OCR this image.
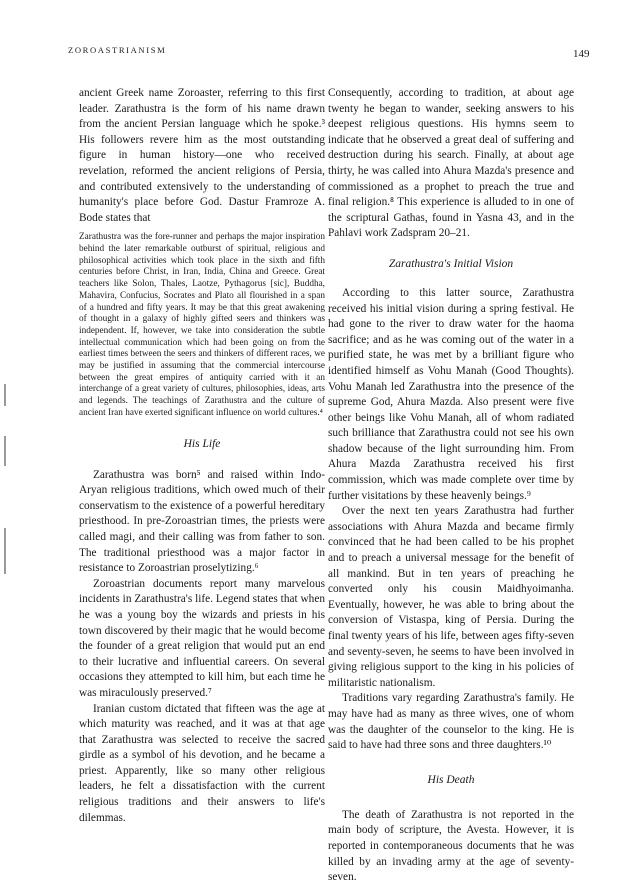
ZOROASTRIANISM	149

ancient Greek name Zoroaster, referring to this first leader. Zarathustra is the form of his name drawn from the ancient Persian language which he spoke.³ His followers revere him as the most outstanding figure in human history—one who received revelation, reformed the ancient religions of Persia, and contributed extensively to the understanding of humanity's place before God. Dastur Framroze A. Bode states that

Zarathustra was the fore-runner and perhaps the major inspiration behind the later remarkable outburst of spiritual, religious and philosophical activities which took place in the sixth and fifth centuries before Christ, in Iran, India, China and Greece. Great teachers like Solon, Thales, Laotze, Pythagorus [sic], Buddha, Mahavira, Confucius, Socrates and Plato all flourished in a span of a hundred and fifty years. It may be that this great awakening of thought in a galaxy of highly gifted seers and thinkers was independent. If, however, we take into consideration the subtle intellectual communication which had been going on from the earliest times between the seers and thinkers of different races, we may be justified in assuming that the commercial intercourse between the great empires of antiquity carried with it an interchange of a great variety of cultures, philosophies, ideas, arts and legends. The teachings of Zarathustra and the culture of ancient Iran have exerted significant influence on world cultures.⁴

His Life

Zarathustra was born⁵ and raised within Indo-Aryan religious traditions, which owed much of their conservatism to the existence of a powerful hereditary priesthood. In pre-Zoroastrian times, the priests were called magi, and their calling was from father to son. The traditional priesthood was a major factor in resistance to Zoroastrian proselytizing.⁶

Zoroastrian documents report many marvelous incidents in Zarathustra's life. Legend states that when he was a young boy the wizards and priests in his town discovered by their magic that he would become the founder of a great religion that would put an end to their lucrative and influential careers. On several occasions they attempted to kill him, but each time he was miraculously preserved.⁷

Iranian custom dictated that fifteen was the age at which maturity was reached, and it was at that age that Zarathustra was selected to receive the sacred girdle as a symbol of his devotion, and he became a priest. Apparently, like so many other religious leaders, he felt a dissatisfaction with the current religious traditions and their answers to life's dilemmas.

Consequently, according to tradition, at about age twenty he began to wander, seeking answers to his deepest religious questions. His hymns seem to indicate that he observed a great deal of suffering and destruction during his search. Finally, at about age thirty, he was called into Ahura Mazda's presence and commissioned as a prophet to preach the true and final religion.⁸ This experience is alluded to in one of the scriptural Gathas, found in Yasna 43, and in the Pahlavi work Zadspram 20–21.

Zarathustra's Initial Vision

According to this latter source, Zarathustra received his initial vision during a spring festival. He had gone to the river to draw water for the haoma sacrifice; and as he was coming out of the water in a purified state, he was met by a brilliant figure who identified himself as Vohu Manah (Good Thoughts). Vohu Manah led Zarathustra into the presence of the supreme God, Ahura Mazda. Also present were five other beings like Vohu Manah, all of whom radiated such brilliance that Zarathustra could not see his own shadow because of the light surrounding him. From Ahura Mazda Zarathustra received his first commission, which was made complete over time by further visitations by these heavenly beings.⁹

Over the next ten years Zarathustra had further associations with Ahura Mazda and became firmly convinced that he had been called to be his prophet and to preach a universal message for the benefit of all mankind. But in ten years of preaching he converted only his cousin Maidhyoimanha. Eventually, however, he was able to bring about the conversion of Vistaspa, king of Persia. During the final twenty years of his life, between ages fifty-seven and seventy-seven, he seems to have been involved in giving religious support to the king in his policies of militaristic nationalism.

Traditions vary regarding Zarathustra's family. He may have had as many as three wives, one of whom was the daughter of the counselor to the king. He is said to have had three sons and three daughters.¹⁰

His Death

The death of Zarathustra is not reported in the main body of scripture, the Avesta. However, it is reported in contemporaneous documents that he was killed by an invading army at the age of seventy-seven.
